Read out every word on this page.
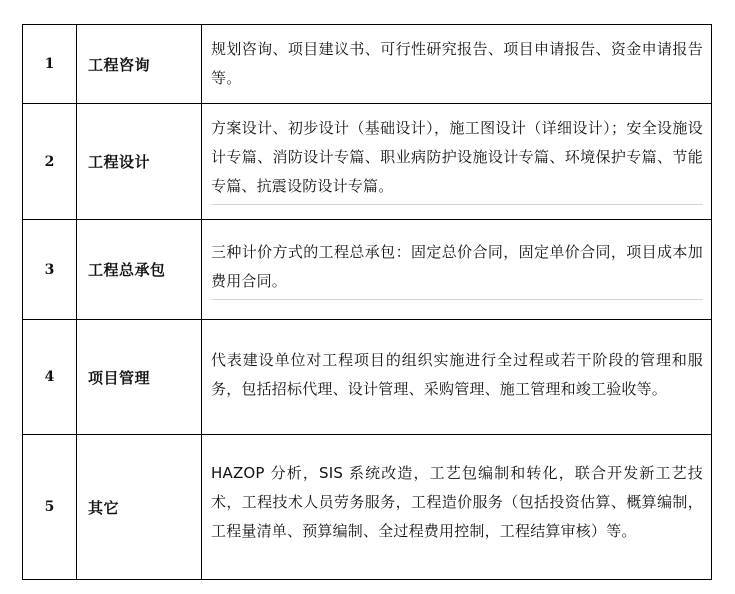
1	工程咨询	规划咨询、项目建议书、可行性研究报告、项目申请报告、资金申请报告等。

2	工程设计	方案设计、初步设计（基础设计），施工图设计（详细设计）；安全设施设计专篇、消防设计专篇、职业病防护设施设计专篇、环境保护专篇、节能专篇、抗震设防设计专篇。

3	工程总承包	三种计价方式的工程总承包：固定总价合同，固定单价合同，项目成本加费用合同。

4	项目管理	代表建设单位对工程项目的组织实施进行全过程或若干阶段的管理和服务，包括招标代理、设计管理、采购管理、施工管理和竣工验收等。

5	其它	HAZOP 分析，SIS 系统改造，工艺包编制和转化，联合开发新工艺技术，工程技术人员劳务服务，工程造价服务（包括投资估算、概算编制，工程量清单、预算编制、全过程费用控制，工程结算审核）等。
